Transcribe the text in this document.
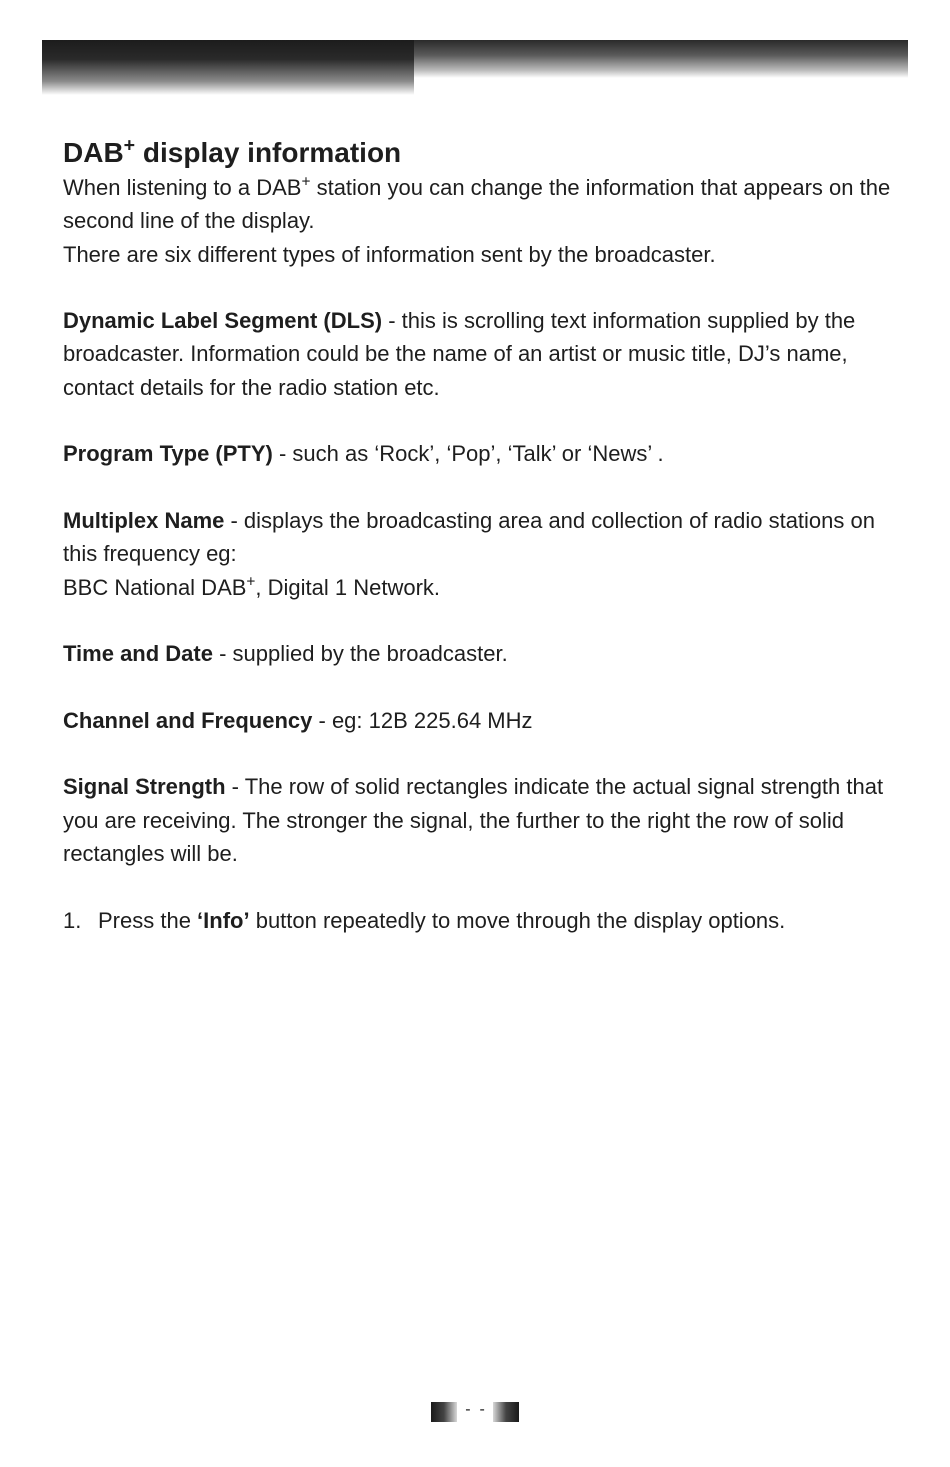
DAB+ display information

When listening to a DAB+ station you can change the information that appears on the second line of the display.

There are six different types of information sent by the broadcaster.

Dynamic Label Segment (DLS) - this is scrolling text information supplied by the broadcaster. Information could be the name of an artist or music title, DJ’s name, contact details for the radio station etc.

Program Type (PTY) - such as ‘Rock’, ‘Pop’, ‘Talk’ or ‘News’ .

Multiplex Name - displays the broadcasting area and collection of radio stations on this frequency eg:

BBC National DAB+, Digital 1 Network.

Time and Date - supplied by the broadcaster.

Channel and Frequency - eg: 12B 225.64 MHz

Signal Strength - The row of solid rectangles indicate the actual signal strength that you are receiving. The stronger the signal, the further to the right the row of solid rectangles will be.

1. Press the ‘Info’ button repeatedly to move through the display options.

-  -
